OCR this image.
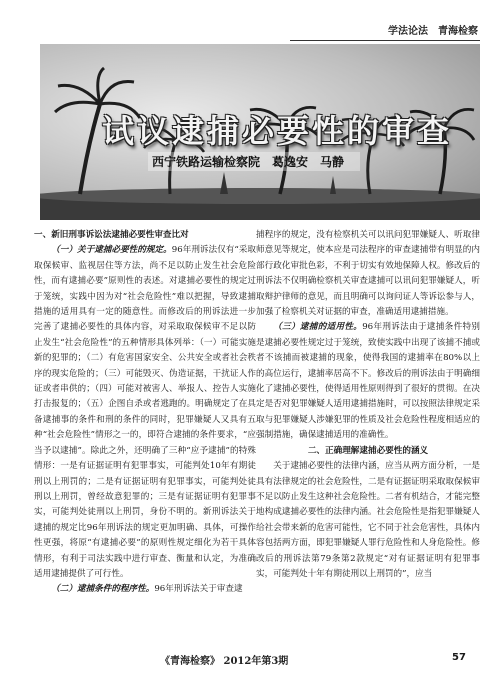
学法论法 青海检察
试议逮捕必要性的审查
西宁铁路运输检察院 葛逸安 马静

一、新旧刑事诉讼法逮捕必要性审查比对

（一）关于逮捕必要性的规定。96年刑诉法仅有“采取取保候审、监视居住等方法，尚不足以防止发生社会危险性，而有逮捕必要”原则性的表述。对逮捕必要性的规定过于笼统，实践中因为对“社会危险性”难以把握，导致逮捕措施的适用具有一定的随意性。而修改后的刑诉法进一步完善了逮捕必要性的具体内容，对采取取保候审不足以防止发生“社会危险性”的五种情形具体列举：（一）可能实施新的犯罪的；（二）有危害国家安全、公共安全或者社会秩序的现实危险的；（三）可能毁灭、伪造证据，干扰证人作证或者串供的；（四）可能对被害人、举报人、控告人实施打击报复的；（五）企图自杀或者逃跑的。明确规定了在具备逮捕事的条件和刑的条件的同时，犯罪嫌疑人又具有五种“社会危险性”情形之一的，即符合逮捕的条件要求，“应当予以逮捕”。除此之外，还明确了三种“应予逮捕”的特殊情形：一是有证据证明有犯罪事实，可能判处10年有期徒刑以上刑罚的；二是有证据证明有犯罪事实，可能判处徒刑以上刑罚，曾经故意犯罪的；三是有证据证明有犯罪事实，可能判处徒刑以上刑罚，身份不明的。新刑诉法关于逮捕的规定比96年刑诉法的规定更加明确、具体，可操作性更强，将原“有逮捕必要”的原则性规定细化为若干具体情形，有利于司法实践中进行审查、衡量和认定，为准确适用逮捕提供了可行性。

（二）逮捕条件的程序性。96年刑诉法关于审查逮

捕程序的规定，没有检察机关可以讯问犯罪嫌疑人、听取律师意见等规定，使本应是司法程序的审查逮捕带有明显的内部行政化审批色彩，不利于切实有效地保障人权。修改后的刑诉法不仅明确检察机关审查逮捕可以讯问犯罪嫌疑人，听取辩护律师的意见，而且明确可以询问证人等诉讼参与人，加强了检察机关对证据的审查，准确适用逮捕措施。

（三）逮捕的适用性。96年刑诉法由于逮捕条件特别是逮捕必要性规定过于笼统，致使实践中出现了该捕不捕或者不该捕而被逮捕的现象，使得我国的逮捕率在80%以上的高位运行，逮捕率居高不下。修改后的刑诉法由于明确细化了逮捕必要性，使得适用性原则得到了很好的贯彻。在决定是否对犯罪嫌疑人适用逮捕措施时，可以按照法律规定采取与犯罪嫌疑人涉嫌犯罪的性质及社会危险性程度相适应的强制措施，确保逮捕适用的准确性。

二、正确理解逮捕必要性的涵义

关于逮捕必要性的法律内涵，应当从两方面分析，一是具有法律规定的社会危险性，二是有证据证明采取取保候审不足以防止发生这种社会危险性。二者有机结合，才能完整地构成逮捕必要性的法律内涵。社会危险性是指犯罪嫌疑人给社会带来新的危害可能性，它不同于社会危害性，具体内容包括两方面，即犯罪嫌疑人罪行危险性和人身危险性。修改后的刑诉法第79条第2款规定“对有证据证明有犯罪事实，可能判处十年有期徒刑以上刑罚的”，应当

《青海检察》 2012年第3期	57
